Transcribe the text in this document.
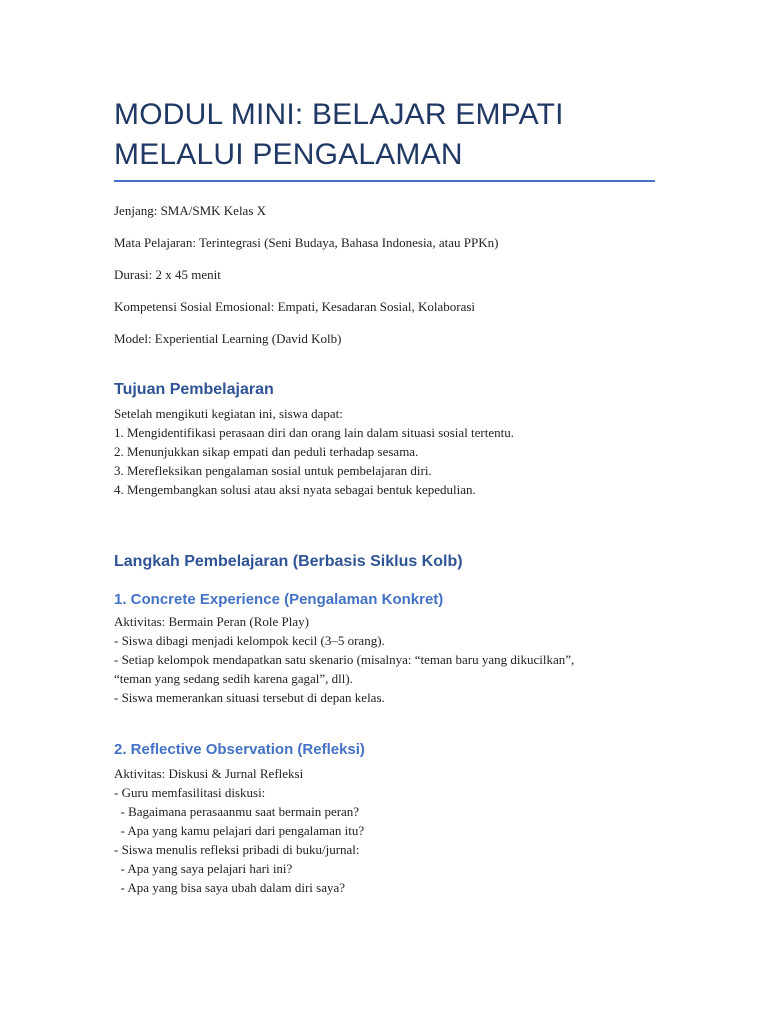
MODUL MINI: BELAJAR EMPATI
MELALUI PENGALAMAN

Jenjang: SMA/SMK Kelas X

Mata Pelajaran: Terintegrasi (Seni Budaya, Bahasa Indonesia, atau PPKn)

Durasi: 2 x 45 menit

Kompetensi Sosial Emosional: Empati, Kesadaran Sosial, Kolaborasi

Model: Experiential Learning (David Kolb)

Tujuan Pembelajaran
Setelah mengikuti kegiatan ini, siswa dapat:
1. Mengidentifikasi perasaan diri dan orang lain dalam situasi sosial tertentu.
2. Menunjukkan sikap empati dan peduli terhadap sesama.
3. Merefleksikan pengalaman sosial untuk pembelajaran diri.
4. Mengembangkan solusi atau aksi nyata sebagai bentuk kepedulian.
Langkah Pembelajaran (Berbasis Siklus Kolb)
1. Concrete Experience (Pengalaman Konkret)
Aktivitas: Bermain Peran (Role Play)
- Siswa dibagi menjadi kelompok kecil (3–5 orang).
- Setiap kelompok mendapatkan satu skenario (misalnya: “teman baru yang dikucilkan”,
“teman yang sedang sedih karena gagal”, dll).
- Siswa memerankan situasi tersebut di depan kelas.
2. Reflective Observation (Refleksi)
Aktivitas: Diskusi & Jurnal Refleksi
- Guru memfasilitasi diskusi:
- Bagaimana perasaanmu saat bermain peran?
- Apa yang kamu pelajari dari pengalaman itu?
- Siswa menulis refleksi pribadi di buku/jurnal:
- Apa yang saya pelajari hari ini?
- Apa yang bisa saya ubah dalam diri saya?
